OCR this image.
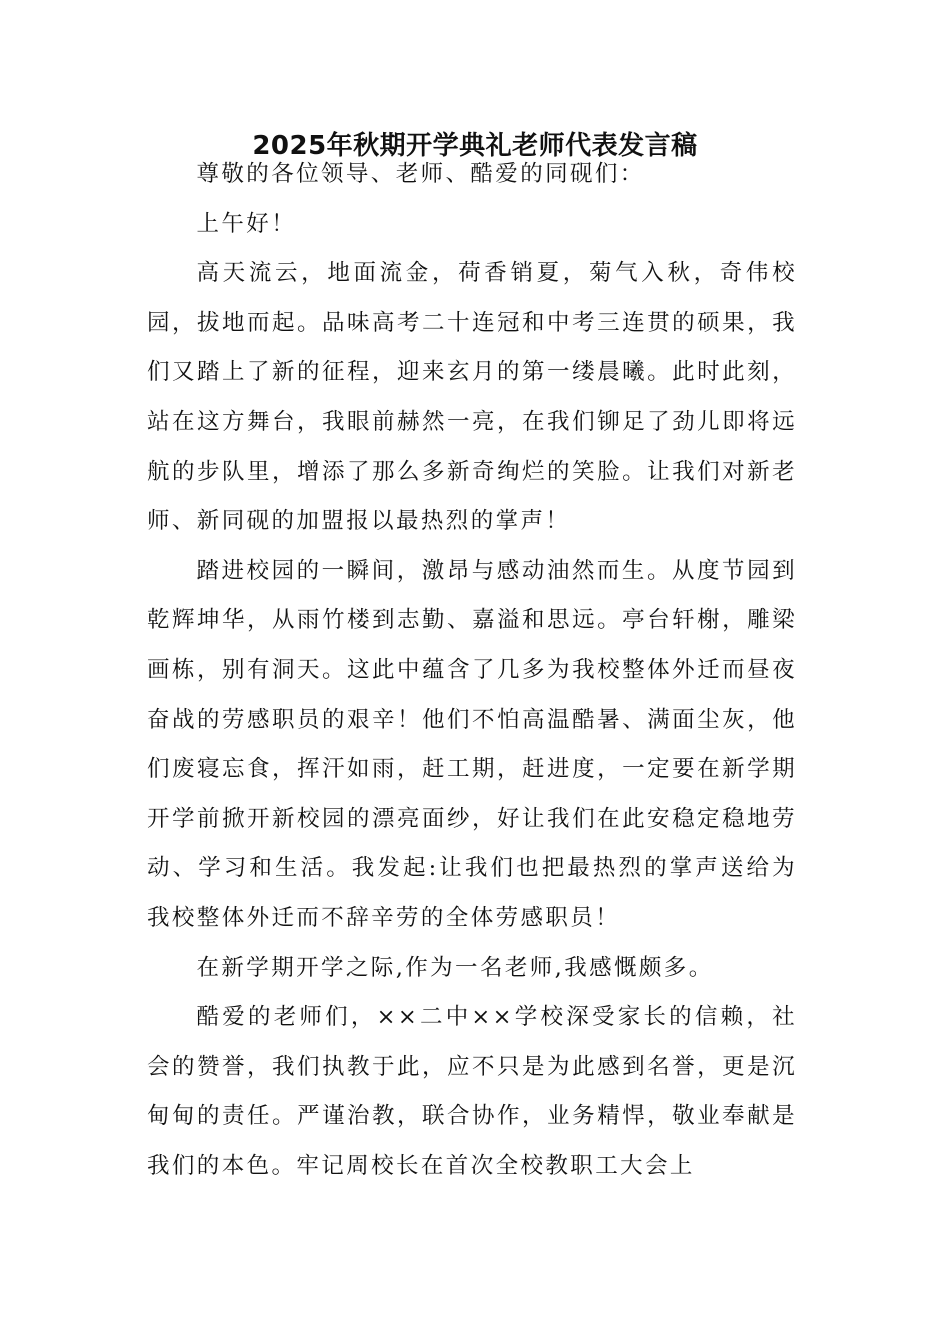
2025年秋期开学典礼老师代表发言稿

尊敬的各位领导、老师、酷爱的同砚们：

上午好！

高天流云，地面流金，荷香销夏，菊气入秋，奇伟校园，拔地而起。品味高考二十连冠和中考三连贯的硕果，我们又踏上了新的征程，迎来玄月的第一缕晨曦。此时此刻，站在这方舞台，我眼前赫然一亮，在我们铆足了劲儿即将远航的步队里，增添了那么多新奇绚烂的笑脸。让我们对新老师、新同砚的加盟报以最热烈的掌声！

踏进校园的一瞬间，激昂与感动油然而生。从度节园到乾辉坤华，从雨竹楼到志勤、嘉溢和思远。亭台轩榭，雕梁画栋，别有洞天。这此中蕴含了几多为我校整体外迁而昼夜奋战的劳感职员的艰辛！他们不怕高温酷暑、满面尘灰，他们废寝忘食，挥汗如雨，赶工期，赶进度，一定要在新学期开学前掀开新校园的漂亮面纱，好让我们在此安稳定稳地劳动、学习和生活。我发起:让我们也把最热烈的掌声送给为我校整体外迁而不辞辛劳的全体劳感职员！

在新学期开学之际,作为一名老师,我感慨颇多。

酷爱的老师们，××二中××学校深受家长的信赖，社会的赞誉，我们执教于此，应不只是为此感到名誉，更是沉甸甸的责任。严谨治教，联合协作，业务精悍，敬业奉献是我们的本色。牢记周校长在首次全校教职工大会上
